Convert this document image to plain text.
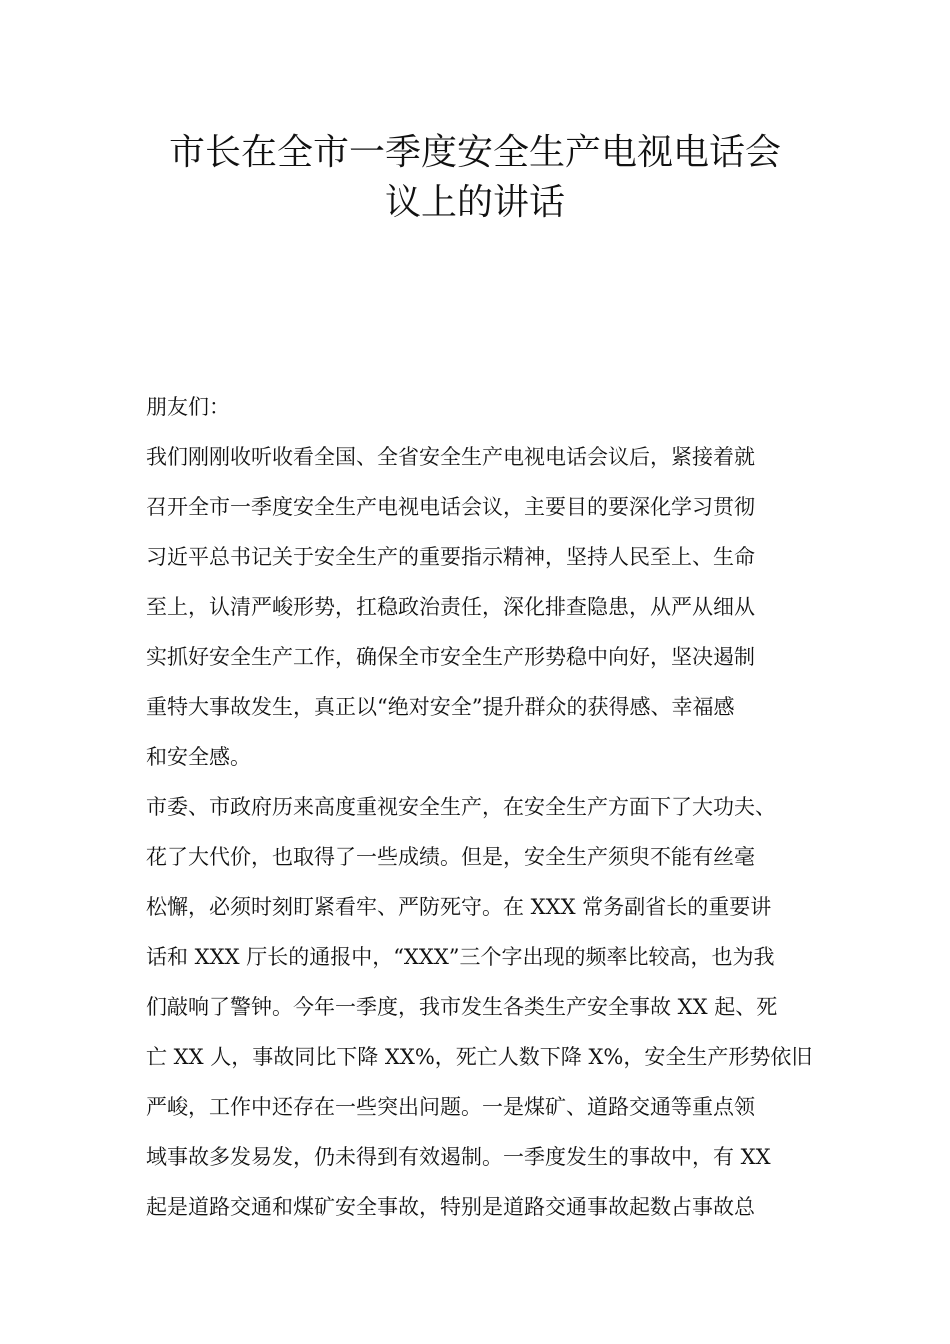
市长在全市一季度安全生产电视电话会
议上的讲话
朋友们：
我们刚刚收听收看全国、全省安全生产电视电话会议后，紧接着就
召开全市一季度安全生产电视电话会议，主要目的要深化学习贯彻
习近平总书记关于安全生产的重要指示精神，坚持人民至上、生命
至上，认清严峻形势，扛稳政治责任，深化排查隐患，从严从细从
实抓好安全生产工作，确保全市安全生产形势稳中向好，坚决遏制
重特大事故发生，真正以“绝对安全”提升群众的获得感、幸福感
和安全感。
市委、市政府历来高度重视安全生产，在安全生产方面下了大功夫、
花了大代价，也取得了一些成绩。但是，安全生产须臾不能有丝毫
松懈，必须时刻盯紧看牢、严防死守。在 XXX 常务副省长的重要讲
话和 XXX 厅长的通报中，“XXX”三个字出现的频率比较高，也为我
们敲响了警钟。今年一季度，我市发生各类生产安全事故 XX 起、死
亡 XX 人，事故同比下降 XX%，死亡人数下降 X%，安全生产形势依旧
严峻，工作中还存在一些突出问题。一是煤矿、道路交通等重点领
域事故多发易发，仍未得到有效遏制。一季度发生的事故中，有 XX
起是道路交通和煤矿安全事故，特别是道路交通事故起数占事故总
